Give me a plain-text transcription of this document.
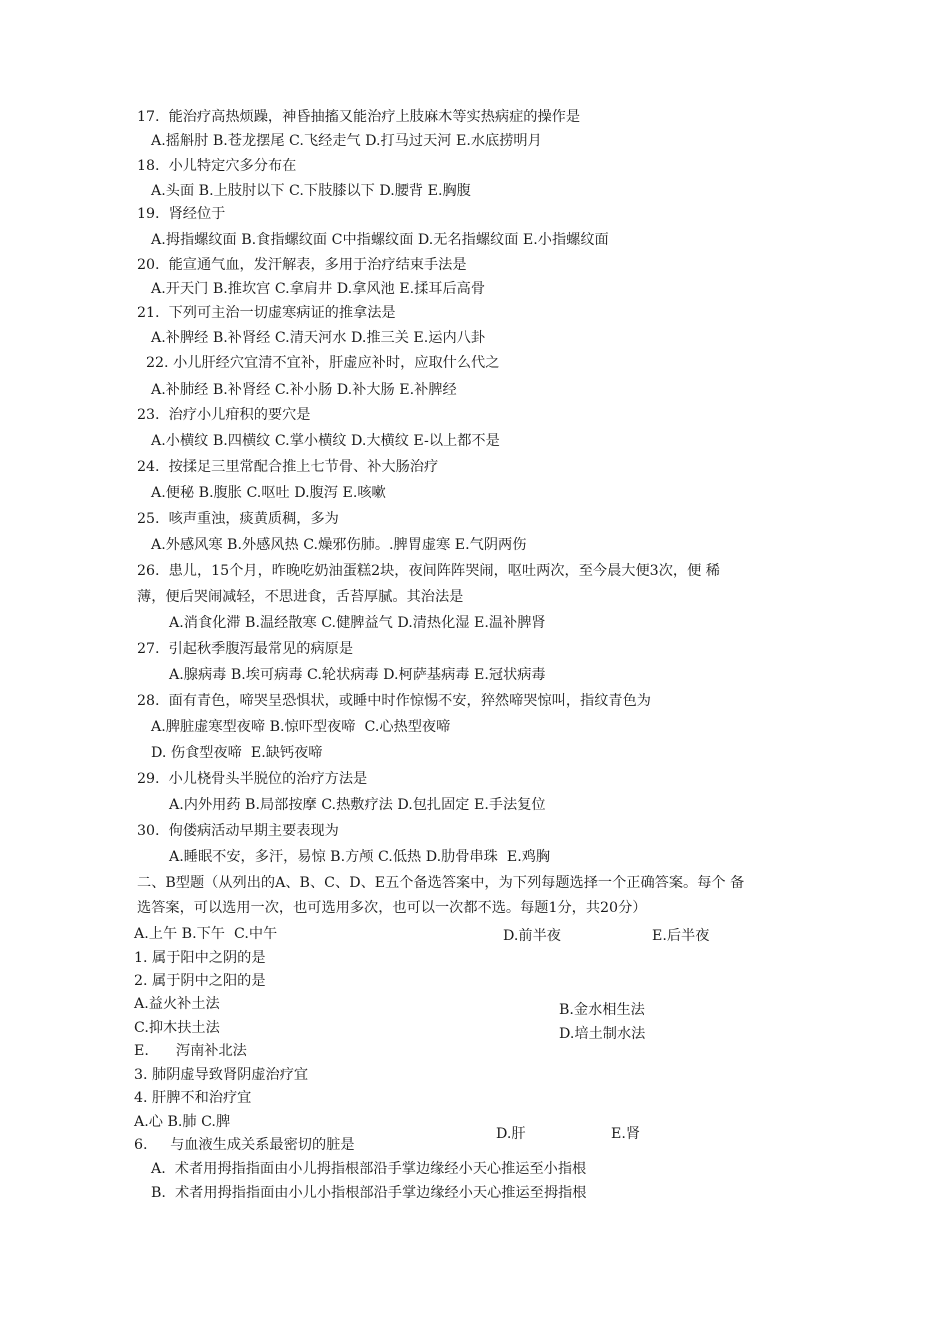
17.  能治疗高热烦躁，神昏抽搐又能治疗上肢麻木等实热病症的操作是
A.摇斛肘 B.苍龙摆尾 C.飞经走气 D.打马过天河 E.水底捞明月
18.  小儿特定穴多分布在
A.头面 B.上肢肘以下 C.下肢膝以下 D.腰背 E.胸腹
19.  肾经位于
A.拇指螺纹面 B.食指螺纹面 C中指螺纹面 D.无名指螺纹面 E.小指螺纹面
20.  能宣通气血，发汗解表，多用于治疗结束手法是
A.开天门 B.推坎宫 C.拿肩井 D.拿风池 E.揉耳后高骨
21.  下列可主治一切虚寒病证的推拿法是
A.补脾经 B.补肾经 C.清天河水 D.推三关 E.运内八卦
22. 小儿肝经穴宜清不宜补，肝虚应补时，应取什么代之
A.补肺经 B.补肾经 C.补小肠 D.补大肠 E.补脾经
23.  治疗小儿疳积的要穴是
A.小横纹 B.四横纹 C.掌小横纹 D.大横纹 E-以上都不是
24.  按揉足三里常配合推上七节骨、补大肠治疗
A.便秘 B.腹胀 C.呕吐 D.腹泻 E.咳嗽
25.  咳声重浊，痰黄质稠，多为
A.外感风寒 B.外感风热 C.燥邪伤肺。.脾胃虚寒 E.气阴两伤
26.  患儿，15个月，昨晚吃奶油蛋糕2块，夜间阵阵哭闹，呕吐两次，至今晨大便3次，便 稀
薄，便后哭闹减轻，不思进食，舌苔厚腻。其治法是
A.消食化滞 B.温经散寒 C.健脾益气 D.清热化湿 E.温补脾肾
27.  引起秋季腹泻最常见的病原是
A.腺病毒 B.埃可病毒 C.轮状病毒 D.柯萨基病毒 E.冠状病毒
28.  面有青色，啼哭呈恐惧状，或睡中时作惊惕不安，猝然啼哭惊叫，指纹青色为
A.脾脏虚寒型夜啼 B.惊吓型夜啼  C.心热型夜啼
D. 伤食型夜啼  E.缺钙夜啼
29.  小儿桡骨头半脱位的治疗方法是
A.内外用药 B.局部按摩 C.热敷疗法 D.包扎固定 E.手法复位
30.  佝偻病活动早期主要表现为
A.睡眠不安，多汗，易惊 B.方颅 C.低热 D.肋骨串珠  E.鸡胸
二、B型题（从列出的A、B、C、D、E五个备选答案中，为下列每题选择一个正确答案。每个 备
选答案，可以选用一次，也可选用多次，也可以一次都不选。每题1分，共20分）
A.上午 B.下午  C.中午	D.前半夜	E.后半夜
1. 属于阳中之阴的是
2. 属于阴中之阳的是
A.益火补土法	B.金水相生法
C.抑木扶土法	D.培土制水法
E.      泻南补北法
3. 肺阴虚导致肾阴虚治疗宜
4. 肝脾不和治疗宜
A.心 B.肺 C.脾
D.肝	E.肾
6.     与血液生成关系最密切的脏是
A.  术者用拇指指面由小儿拇指根部沿手掌边缘经小天心推运至小指根
B.  术者用拇指指面由小儿小指根部沿手掌边缘经小天心推运至拇指根
